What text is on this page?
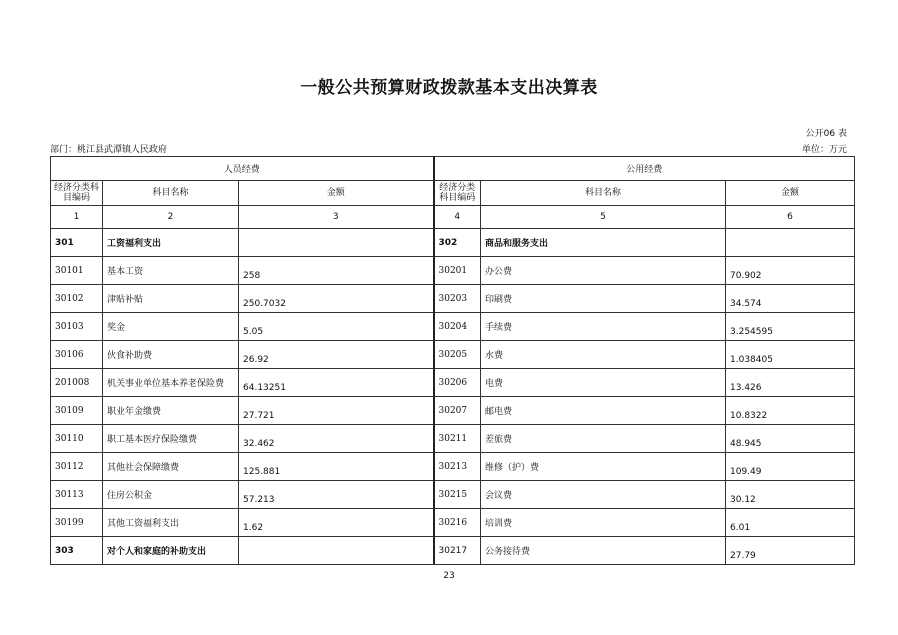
一般公共预算财政拨款基本支出决算表
公开06 表
部门：桃江县武潭镇人民政府	单位：万元
人员经费			公用经费		
经济分类科目编码	科目名称	金额	经济分类科目编码	科目名称	金额
1	2	3	4	5	6
301	工资福利支出		302	商品和服务支出	
30101	基本工资	258	30201	办公费	70.902
30102	津贴补贴	250.7032	30203	印刷费	34.574
30103	奖金	5.05	30204	手续费	3.254595
30106	伙食补助费	26.92	30205	水费	1.038405
201008	机关事业单位基本养老保险费	64.13251	30206	电费	13.426
30109	职业年金缴费	27.721	30207	邮电费	10.8322
30110	职工基本医疗保险缴费	32.462	30211	差旅费	48.945
30112	其他社会保障缴费	125.881	30213	维修（护）费	109.49
30113	住房公积金	57.213	30215	会议费	30.12
30199	其他工资福利支出	1.62	30216	培训费	6.01
303	对个人和家庭的补助支出		30217	公务接待费	27.79
23
